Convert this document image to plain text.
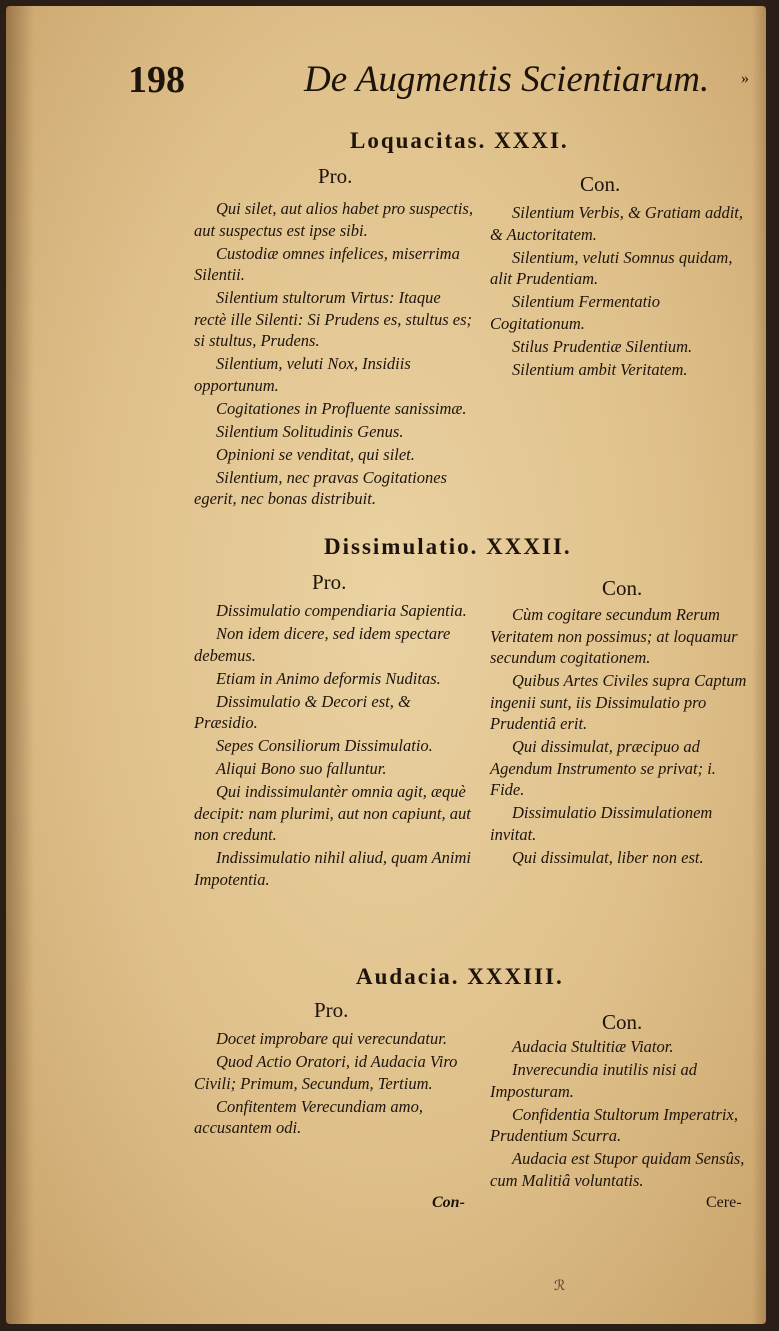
198	De Augmentis Scientiarum. »
Loquacitas. XXXI.
Pro.	Con.

Qui silet, aut alios habet pro suspectis, aut suspectus est ipse sibi.

Custodiæ omnes infelices, miserrima Silentii.

Silentium stultorum Virtus: Itaque rectè ille Silenti: Si Prudens es, stultus es; si stultus, Prudens.

Silentium, veluti Nox, Insidiis opportunum.

Cogitationes in Profluente sanissimæ.

Silentium Solitudinis Genus.

Opinioni se venditat, qui silet.

Silentium, nec pravas Cogitationes egerit, nec bonas distribuit.

Silentium Verbis, & Gratiam addit, & Auctoritatem.

Silentium, veluti Somnus quidam, alit Prudentiam.

Silentium Fermentatio Cogitationum.

Stilus Prudentiæ Silentium.

Silentium ambit Veritatem.

Dissimulatio. XXXII.
Pro.	Con.

Dissimulatio compendiaria Sapientia.

Non idem dicere, sed idem spectare debemus.

Etiam in Animo deformis Nuditas.

Dissimulatio & Decori est, & Præsidio.

Sepes Consiliorum Dissimulatio.

Aliqui Bono suo falluntur.

Qui indissimulantèr omnia agit, æquè decipit: nam plurimi, aut non capiunt, aut non credunt.

Indissimulatio nihil aliud, quam Animi Impotentia.

Cùm cogitare secundum Rerum Veritatem non possimus; at loquamur secundum cogitationem.

Quibus Artes Civiles supra Captum ingenii sunt, iis Dissimulatio pro Prudentiâ erit.

Qui dissimulat, præcipuo ad Agendum Instrumento se privat; i. Fide.

Dissimulatio Dissimulationem invitat.

Qui dissimulat, liber non est.

Audacia. XXXIII.
Pro.	Con.

Docet improbare qui verecundatur.

Quod Actio Oratori, id Audacia Viro Civili; Primum, Secundum, Tertium.

Confitentem Verecundiam amo, accusantem odi.

Audacia Stultitiæ Viator.

Inverecundia inutilis nisi ad Imposturam.

Confidentia Stultorum Imperatrix, Prudentium Scurra.

Audacia est Stupor quidam Sensûs, cum Malitiâ voluntatis.

Con-	Cere-
ℛ
